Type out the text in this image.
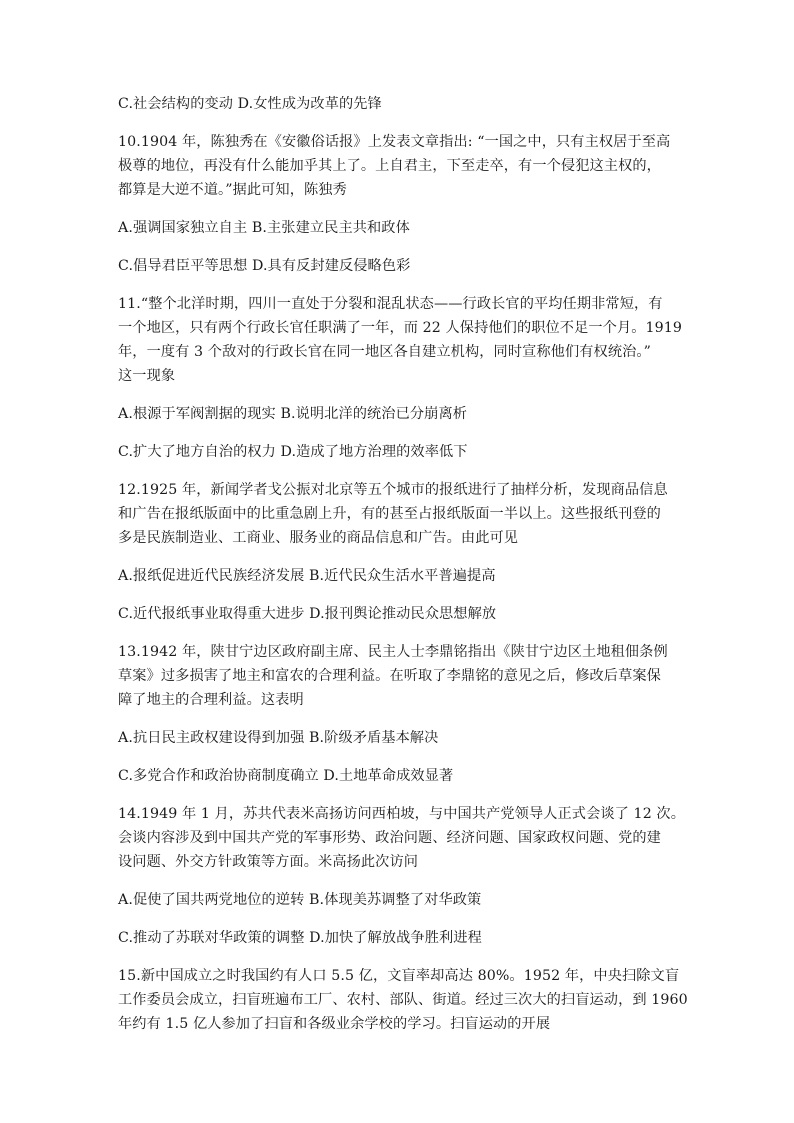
C.社会结构的变动 D.女性成为改革的先锋
10.1904 年，陈独秀在《安徽俗话报》上发表文章指出: “一国之中，只有主权居于至高
极尊的地位，再没有什么能加乎其上了。上自君主，下至走卒，有一个侵犯这主权的，
都算是大逆不道。”据此可知，陈独秀
A.强调国家独立自主 B.主张建立民主共和政体
C.倡导君臣平等思想 D.具有反封建反侵略色彩
11.“整个北洋时期，四川一直处于分裂和混乱状态——行政长官的平均任期非常短，有
一个地区，只有两个行政长官任职满了一年，而 22 人保持他们的职位不足一个月。1919
年，一度有 3 个敌对的行政长官在同一地区各自建立机构，同时宣称他们有权统治。”
这一现象
A.根源于军阀割据的现实 B.说明北洋的统治已分崩离析
C.扩大了地方自治的权力 D.造成了地方治理的效率低下
12.1925 年，新闻学者戈公振对北京等五个城市的报纸进行了抽样分析，发现商品信息
和广告在报纸版面中的比重急剧上升，有的甚至占报纸版面一半以上。这些报纸刊登的
多是民族制造业、工商业、服务业的商品信息和广告。由此可见
A.报纸促进近代民族经济发展 B.近代民众生活水平普遍提高
C.近代报纸事业取得重大进步 D.报刊舆论推动民众思想解放
13.1942 年，陕甘宁边区政府副主席、民主人士李鼎铭指出《陕甘宁边区土地租佃条例
草案》过多损害了地主和富农的合理利益。在听取了李鼎铭的意见之后，修改后草案保
障了地主的合理利益。这表明
A.抗日民主政权建设得到加强 B.阶级矛盾基本解决
C.多党合作和政治协商制度确立 D.土地革命成效显著
14.1949 年 1 月，苏共代表米高扬访问西柏坡，与中国共产党领导人正式会谈了 12 次。
会谈内容涉及到中国共产党的军事形势、政治问题、经济问题、国家政权问题、党的建
设问题、外交方针政策等方面。米高扬此次访问
A.促使了国共两党地位的逆转 B.体现美苏调整了对华政策
C.推动了苏联对华政策的调整 D.加快了解放战争胜利进程
15.新中国成立之时我国约有人口 5.5 亿，文盲率却高达 80%。1952 年，中央扫除文盲
工作委员会成立，扫盲班遍布工厂、农村、部队、街道。经过三次大的扫盲运动，到 1960
年约有 1.5 亿人参加了扫盲和各级业余学校的学习。扫盲运动的开展
